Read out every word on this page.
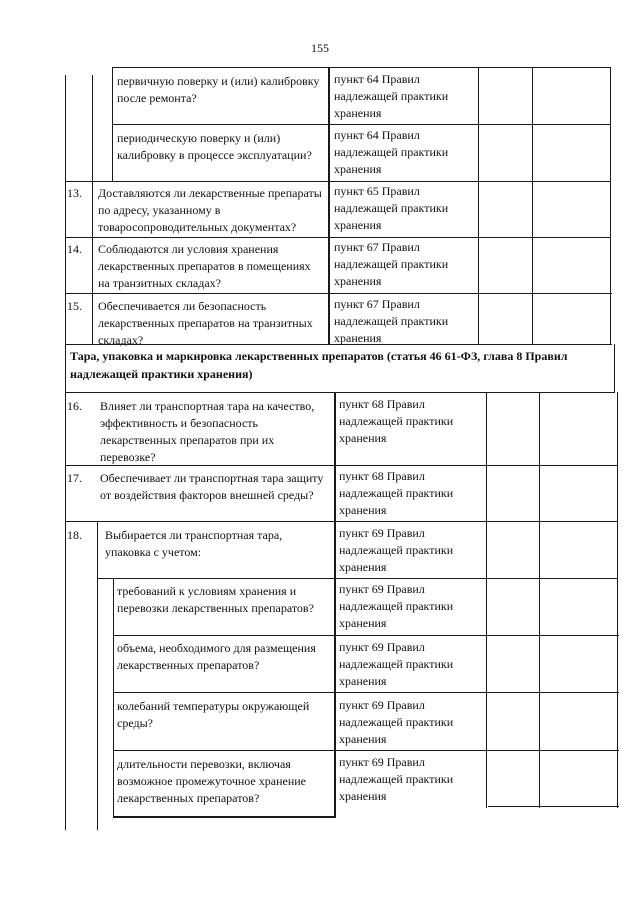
155
первичную поверку и (или) калибровку после ремонта?
пункт 64 Правил надлежащей практики хранения
периодическую поверку и (или) калибровку в процессе эксплуатации?
пункт 64 Правил надлежащей практики хранения
13. Доставляются ли лекарственные препараты по адресу, указанному в товаросопроводительных документах?
пункт 65 Правил надлежащей практики хранения
14. Соблюдаются ли условия хранения лекарственных препаратов в помещениях на транзитных складах?
пункт 67 Правил надлежащей практики хранения
15. Обеспечивается ли безопасность лекарственных препаратов на транзитных складах?
пункт 67 Правил надлежащей практики хранения
Тара, упаковка и маркировка лекарственных препаратов (статья 46 61-ФЗ, глава 8 Правил надлежащей практики хранения)
16. Влияет ли транспортная тара на качество, эффективность и безопасность лекарственных препаратов при их перевозке?
пункт 68 Правил надлежащей практики хранения
17. Обеспечивает ли транспортная тара защиту от воздействия факторов внешней среды?
пункт 68 Правил надлежащей практики хранения
18. Выбирается ли транспортная тара, упаковка с учетом:
пункт 69 Правил надлежащей практики хранения
требований к условиям хранения и перевозки лекарственных препаратов?
пункт 69 Правил надлежащей практики хранения
объема, необходимого для размещения лекарственных препаратов?
пункт 69 Правил надлежащей практики хранения
колебаний температуры окружающей среды?
пункт 69 Правил надлежащей практики хранения
длительности перевозки, включая возможное промежуточное хранение лекарственных препаратов?
пункт 69 Правил надлежащей практики хранения
